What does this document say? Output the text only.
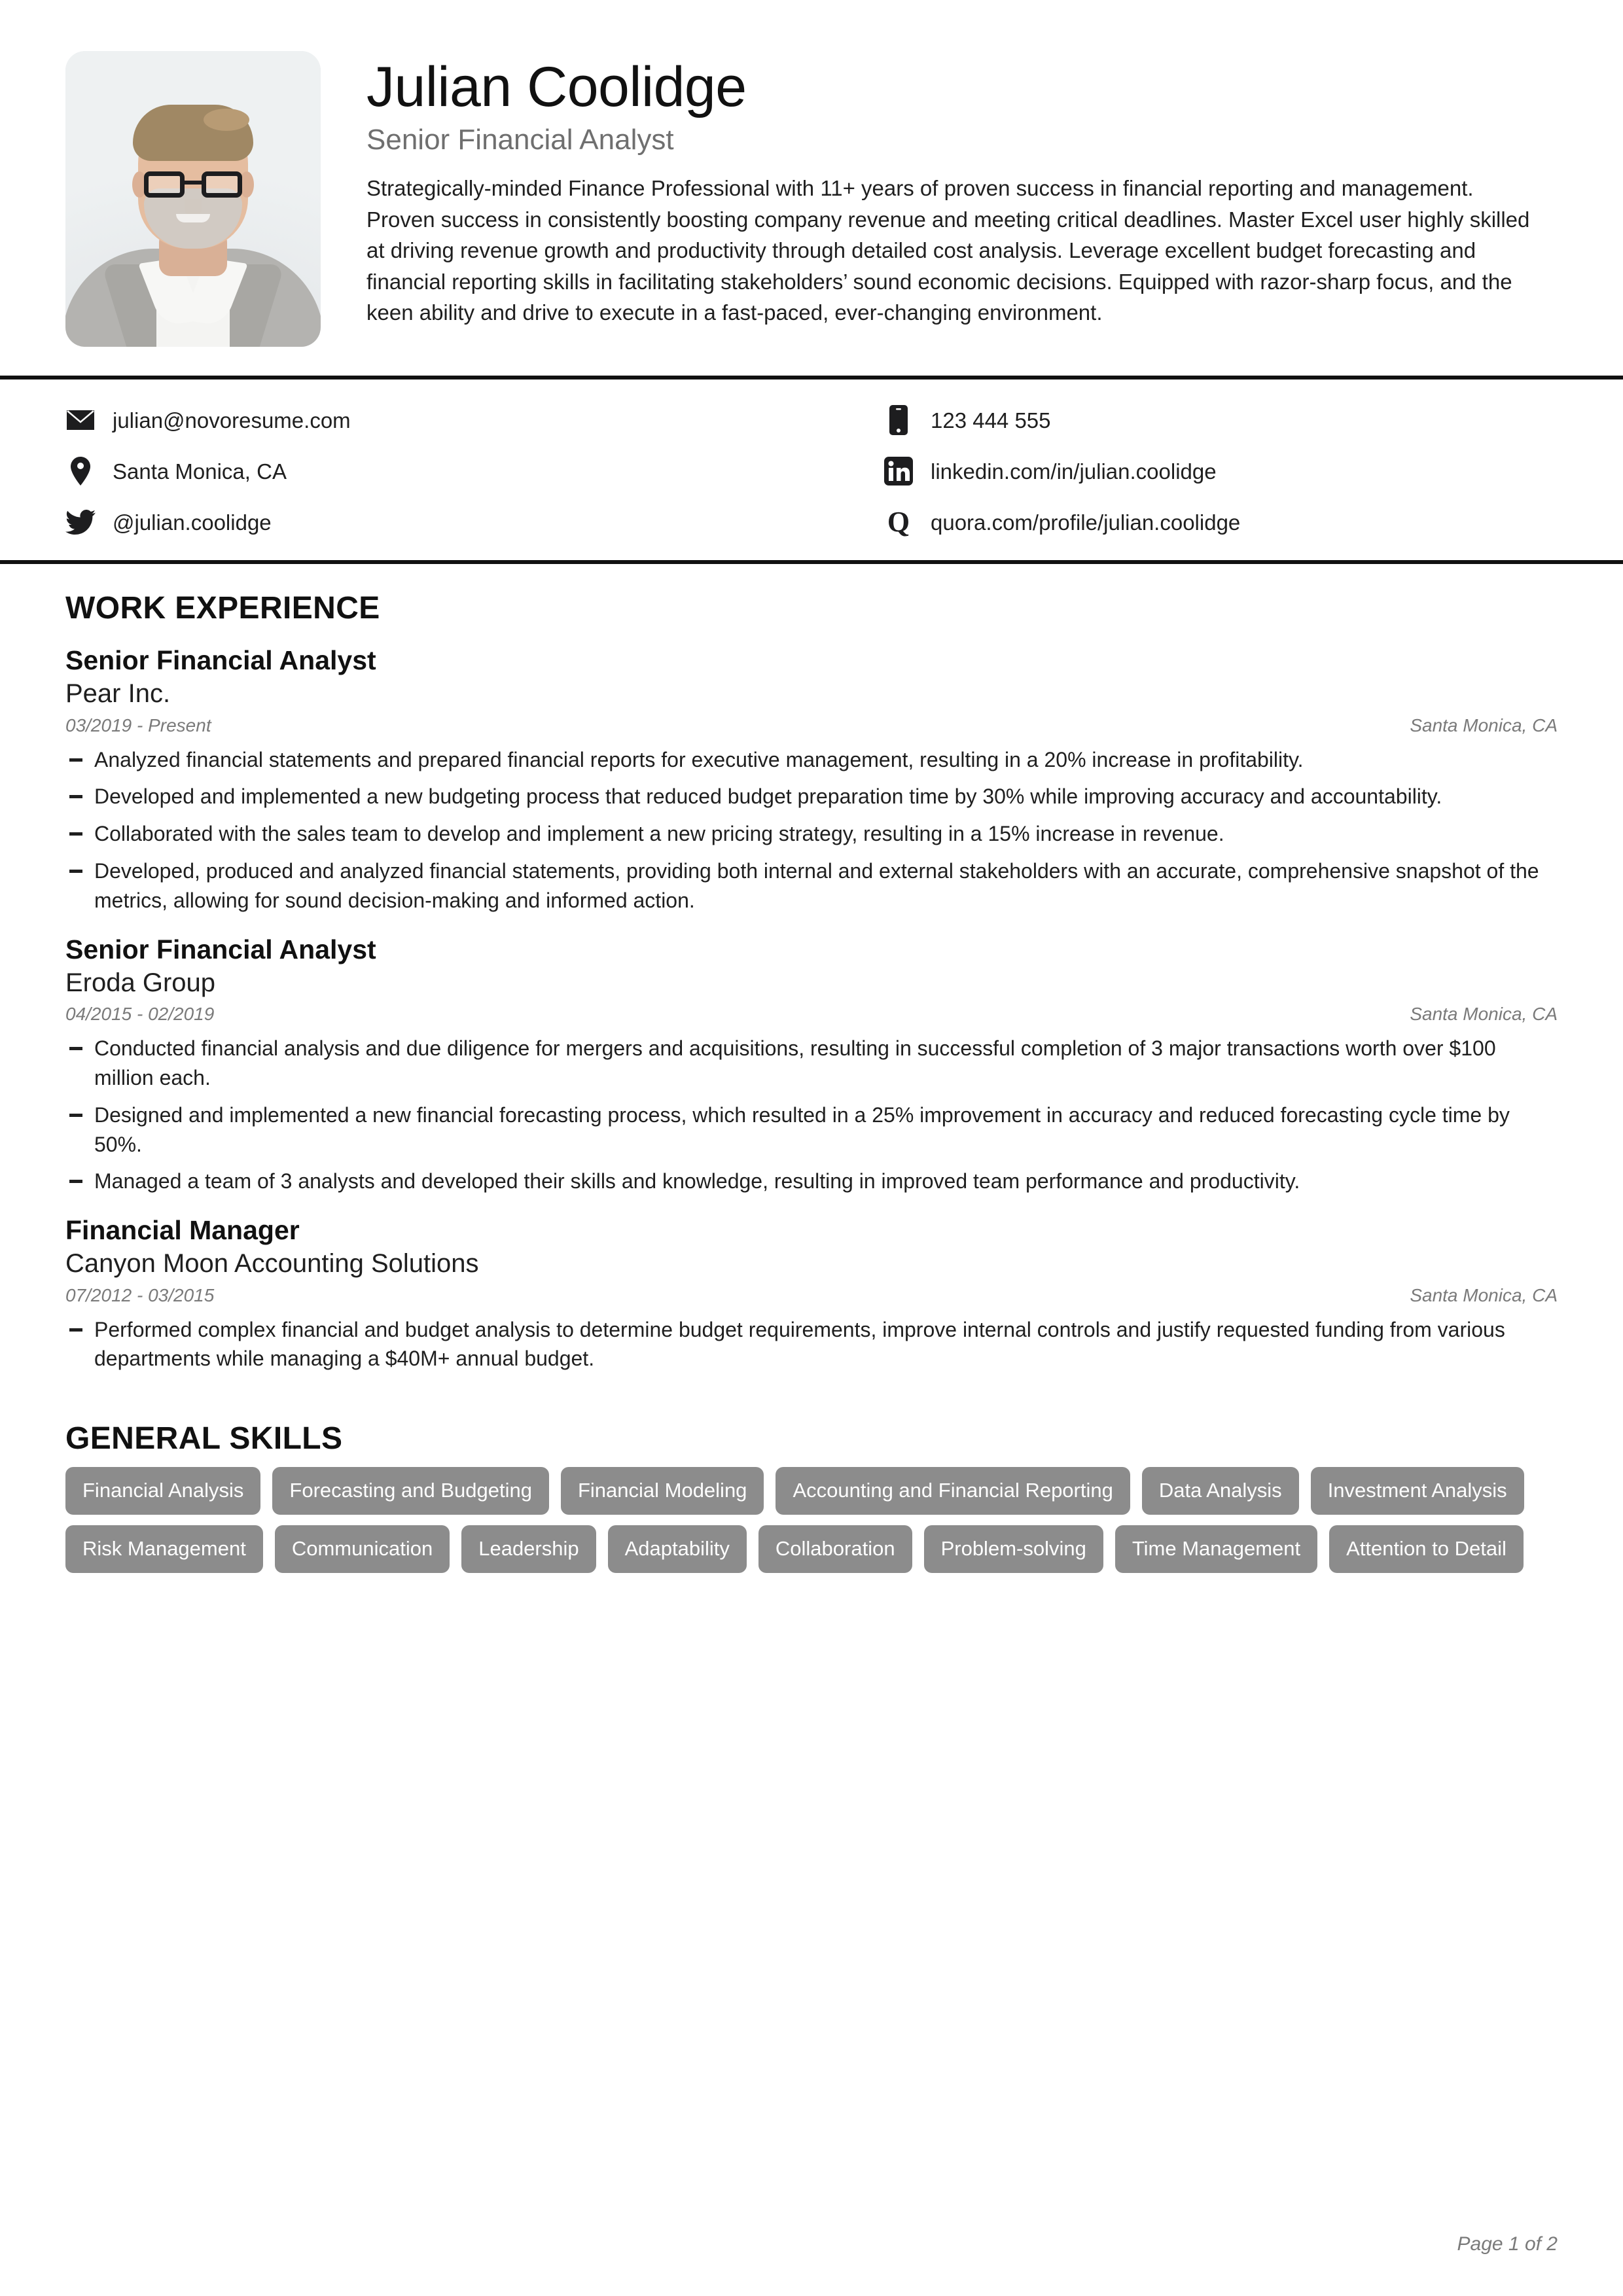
Julian Coolidge
Senior Financial Analyst

Strategically-minded Finance Professional with 11+ years of proven success in financial reporting and management. Proven success in consistently boosting company revenue and meeting critical deadlines. Master Excel user highly skilled at driving revenue growth and productivity through detailed cost analysis. Leverage excellent budget forecasting and financial reporting skills in facilitating stakeholders’ sound economic decisions. Equipped with razor-sharp focus, and the keen ability and drive to execute in a fast-paced, ever-changing environment.

julian@novoresume.com
Santa Monica, CA
@julian.coolidge
123 444 555
linkedin.com/in/julian.coolidge
Q quora.com/profile/julian.coolidge
WORK EXPERIENCE
Senior Financial Analyst
Pear Inc.
03/2019 - Present	Santa Monica, CA
Analyzed financial statements and prepared financial reports for executive management, resulting in a 20% increase in profitability.
Developed and implemented a new budgeting process that reduced budget preparation time by 30% while improving accuracy and accountability.
Collaborated with the sales team to develop and implement a new pricing strategy, resulting in a 15% increase in revenue.
Developed, produced and analyzed financial statements, providing both internal and external stakeholders with an accurate, comprehensive snapshot of the metrics, allowing for sound decision-making and informed action.
Senior Financial Analyst
Eroda Group
04/2015 - 02/2019	Santa Monica, CA
Conducted financial analysis and due diligence for mergers and acquisitions, resulting in successful completion of 3 major transactions worth over $100 million each.
Designed and implemented a new financial forecasting process, which resulted in a 25% improvement in accuracy and reduced forecasting cycle time by 50%.
Managed a team of 3 analysts and developed their skills and knowledge, resulting in improved team performance and productivity.
Financial Manager
Canyon Moon Accounting Solutions
07/2012 - 03/2015	Santa Monica, CA
Performed complex financial and budget analysis to determine budget requirements, improve internal controls and justify requested funding from various departments while managing a $40M+ annual budget.
GENERAL SKILLS
Financial Analysis	Forecasting and Budgeting	Financial Modeling	Accounting and Financial Reporting	Data Analysis	Investment Analysis
Risk Management	Communication	Leadership	Adaptability	Collaboration	Problem-solving	Time Management	Attention to Detail
Page 1 of 2
